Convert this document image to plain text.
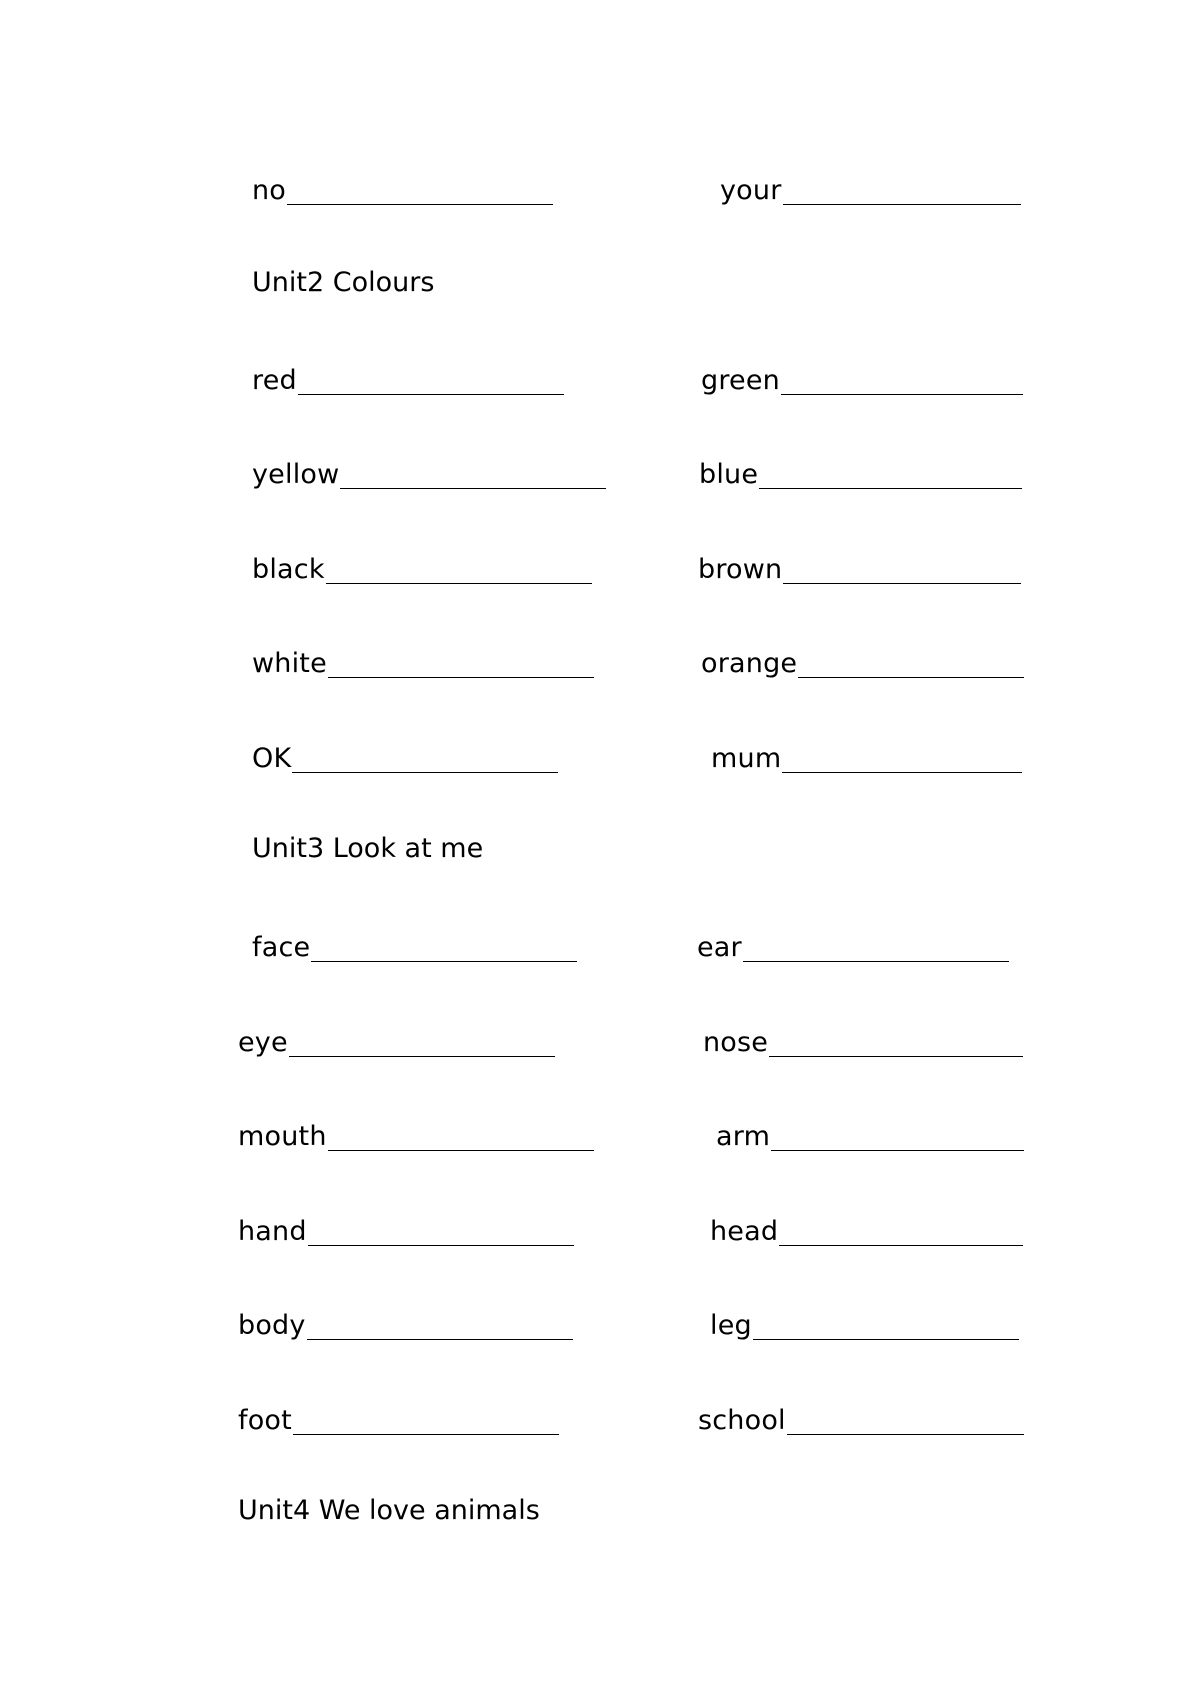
no	your
Unit2 Colours
red	green
yellow	blue
black	brown
white	orange
OK	mum
Unit3 Look at me
face	ear
eye	nose
mouth	arm
hand	head
body	leg
foot	school
Unit4 We love animals
